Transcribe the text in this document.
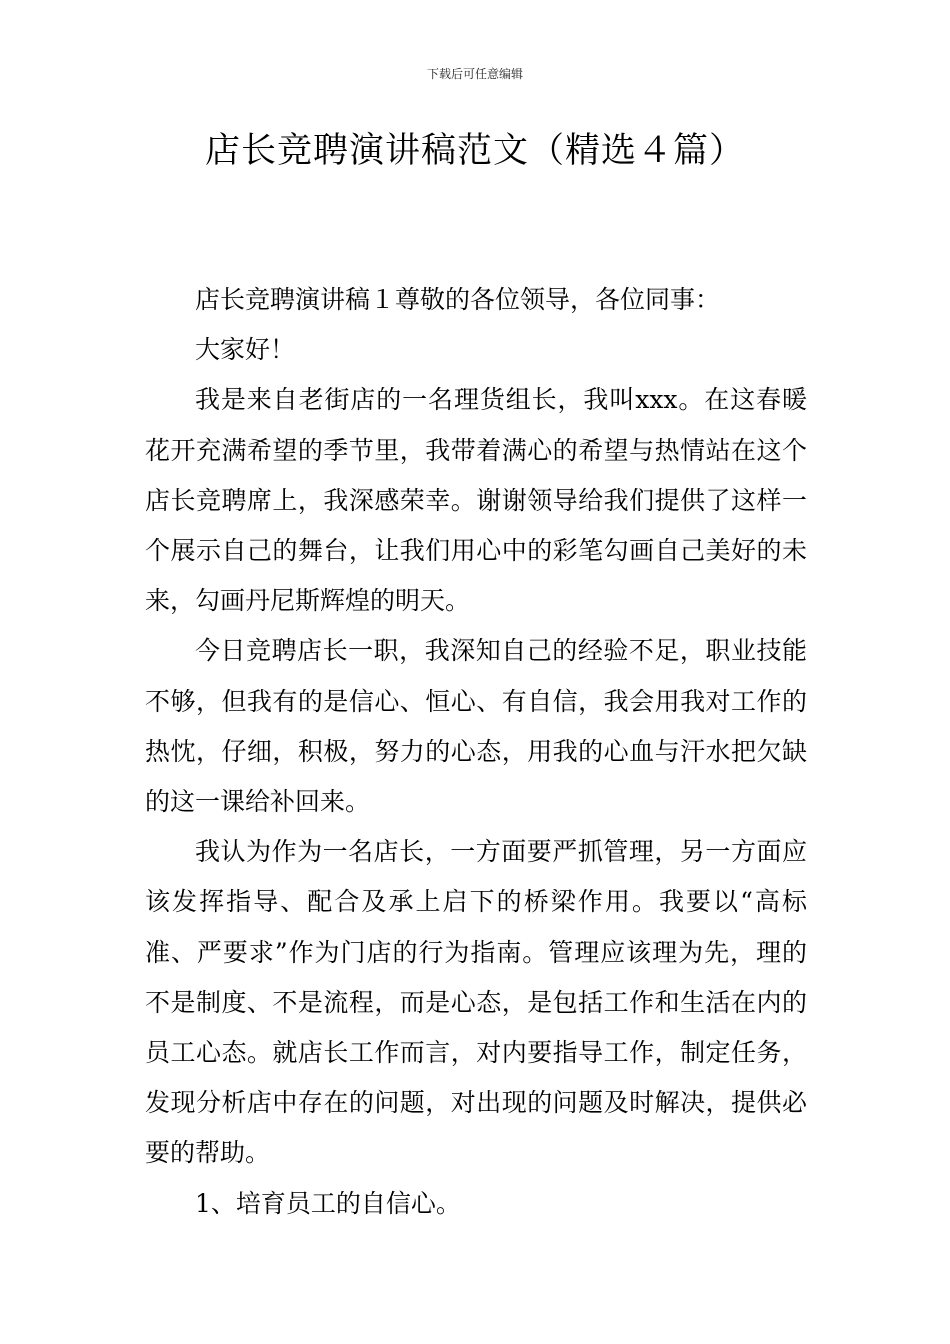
下载后可任意编辑
店长竞聘演讲稿范文（精选４篇）

店长竞聘演讲稿１尊敬的各位领导，各位同事：

大家好！

我是来自老街店的一名理货组长，我叫xxx。在这春暖花开充满希望的季节里，我带着满心的希望与热情站在这个店长竞聘席上，我深感荣幸。谢谢领导给我们提供了这样一个展示自己的舞台，让我们用心中的彩笔勾画自己美好的未来，勾画丹尼斯辉煌的明天。

今日竞聘店长一职，我深知自己的经验不足，职业技能不够，但我有的是信心、恒心、有自信，我会用我对工作的热忱，仔细，积极，努力的心态，用我的心血与汗水把欠缺的这一课给补回来。

我认为作为一名店长，一方面要严抓管理，另一方面应该发挥指导、配合及承上启下的桥梁作用。我要以“高标准、严要求”作为门店的行为指南。管理应该理为先，理的不是制度、不是流程，而是心态，是包括工作和生活在内的员工心态。就店长工作而言，对内要指导工作，制定任务，发现分析店中存在的问题，对出现的问题及时解决，提供必要的帮助。

1、培育员工的自信心。
